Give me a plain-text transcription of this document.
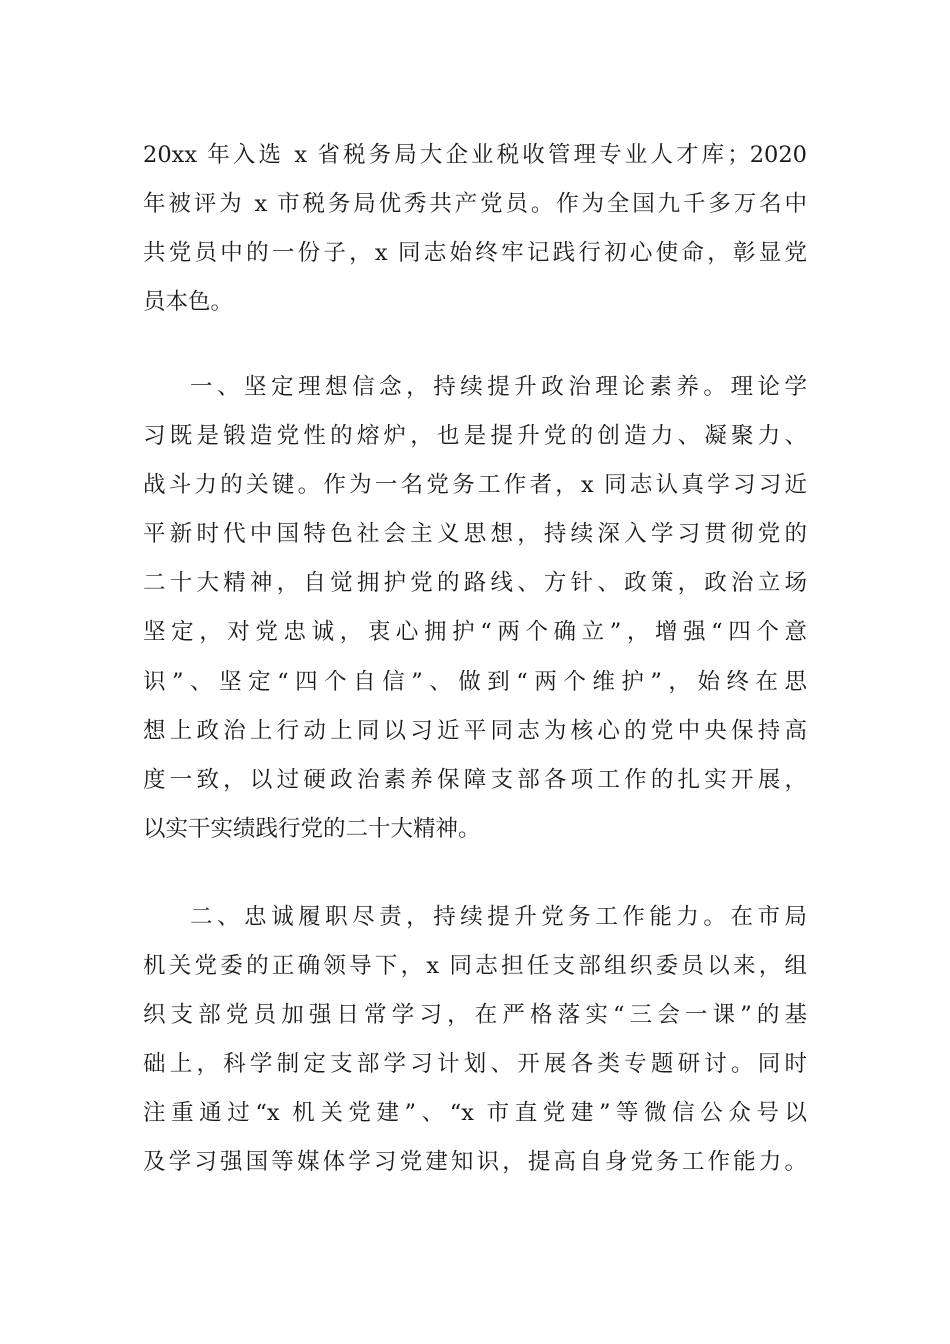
20xx 年入选 x 省税务局大企业税收管理专业人才库；2020
年被评为 x 市税务局优秀共产党员。作为全国九千多万名中
共党员中的一份子，x 同志始终牢记践行初心使命，彰显党
员本色。
一、坚定理想信念，持续提升政治理论素养。理论学
习既是锻造党性的熔炉，也是提升党的创造力、凝聚力、
战斗力的关键。作为一名党务工作者，x 同志认真学习习近
平新时代中国特色社会主义思想，持续深入学习贯彻党的
二十大精神，自觉拥护党的路线、方针、政策，政治立场
坚定，对党忠诚，衷心拥护“两个确立”，增强“四个意
识”、坚定“四个自信”、做到“两个维护”，始终在思
想上政治上行动上同以习近平同志为核心的党中央保持高
度一致，以过硬政治素养保障支部各项工作的扎实开展，
以实干实绩践行党的二十大精神。
二、忠诚履职尽责，持续提升党务工作能力。在市局
机关党委的正确领导下，x 同志担任支部组织委员以来，组
织支部党员加强日常学习，在严格落实“三会一课”的基
础上，科学制定支部学习计划、开展各类专题研讨。同时
注重通过“x 机关党建”、“x 市直党建”等微信公众号以
及学习强国等媒体学习党建知识，提高自身党务工作能力。
